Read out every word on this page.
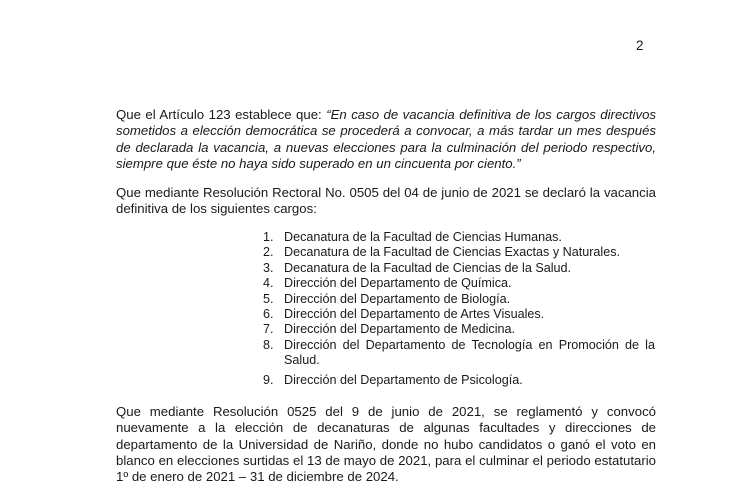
2

Que el Artículo 123 establece que: “En caso de vacancia definitiva de los cargos directivos sometidos a elección democrática se procederá a convocar, a más tardar un mes después de declarada la vacancia, a nuevas elecciones para la culminación del periodo respectivo, siempre que éste no haya sido superado en un cincuenta por ciento.”

Que mediante Resolución Rectoral No. 0505 del 04 de junio de 2021 se declaró la vacancia definitiva de los siguientes cargos:

1. Decanatura de la Facultad de Ciencias Humanas.
2. Decanatura de la Facultad de Ciencias Exactas y Naturales.
3. Decanatura de la Facultad de Ciencias de la Salud.
4. Dirección del Departamento de Química.
5. Dirección del Departamento de Biología.
6. Dirección del Departamento de Artes Visuales.
7. Dirección del Departamento de Medicina.
8. Dirección del Departamento de Tecnología en Promoción de la Salud.
9. Dirección del Departamento de Psicología.

Que mediante Resolución 0525 del 9 de junio de 2021, se reglamentó y convocó nuevamente a la elección de decanaturas de algunas facultades y direcciones de departamento de la Universidad de Nariño, donde no hubo candidatos o ganó el voto en blanco en elecciones surtidas el 13 de mayo de 2021, para el culminar el periodo estatutario 1º de enero de 2021 – 31 de diciembre de 2024.
